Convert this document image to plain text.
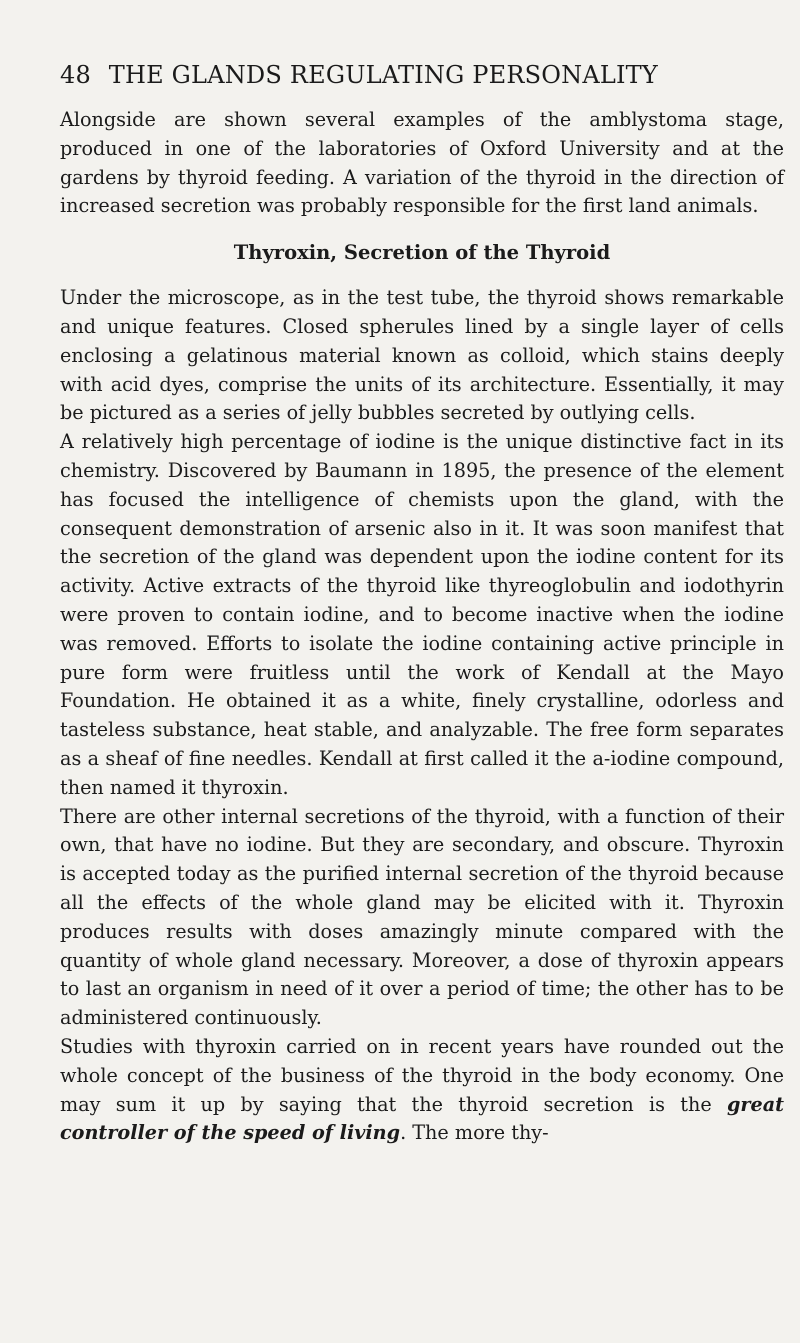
48 THE GLANDS REGULATING PERSONALITY

Alongside are shown several examples of the amblystoma stage, produced in one of the laboratories of Oxford University and at the gardens by thyroid feeding. A variation of the thyroid in the direction of increased secretion was probably responsible for the first land animals.

Thyroxin, Secretion of the Thyroid

Under the microscope, as in the test tube, the thyroid shows remarkable and unique features. Closed spherules lined by a single layer of cells enclosing a gelatinous material known as colloid, which stains deeply with acid dyes, comprise the units of its architecture. Essentially, it may be pictured as a series of jelly bubbles secreted by outlying cells.

A relatively high percentage of iodine is the unique distinctive fact in its chemistry. Discovered by Baumann in 1895, the presence of the element has focused the intelligence of chemists upon the gland, with the consequent demonstration of arsenic also in it. It was soon manifest that the secretion of the gland was dependent upon the iodine content for its activity. Active extracts of the thyroid like thyreoglobulin and iodothyrin were proven to contain iodine, and to become inactive when the iodine was removed. Efforts to isolate the iodine containing active principle in pure form were fruitless until the work of Kendall at the Mayo Foundation. He obtained it as a white, finely crystalline, odorless and tasteless substance, heat stable, and analyzable. The free form separates as a sheaf of fine needles. Kendall at first called it the a-iodine compound, then named it thyroxin.

There are other internal secretions of the thyroid, with a function of their own, that have no iodine. But they are secondary, and obscure. Thyroxin is accepted today as the purified internal secretion of the thyroid because all the effects of the whole gland may be elicited with it. Thyroxin produces results with doses amazingly minute compared with the quantity of whole gland necessary. Moreover, a dose of thyroxin appears to last an organism in need of it over a period of time; the other has to be administered continuously.

Studies with thyroxin carried on in recent years have rounded out the whole concept of the business of the thyroid in the body economy. One may sum it up by saying that the thyroid secretion is the great controller of the speed of living. The more thy-
